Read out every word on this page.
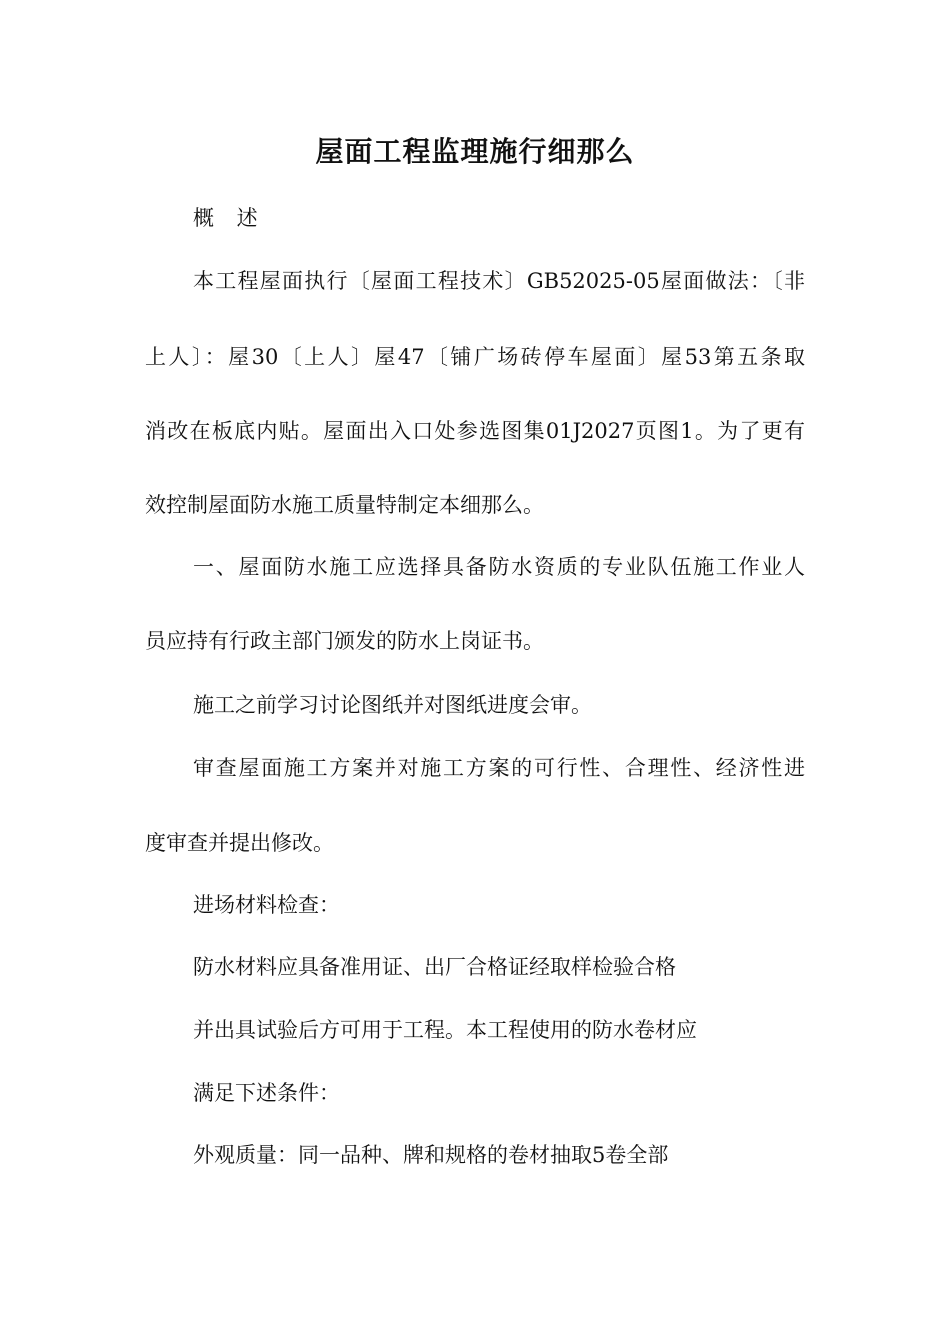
屋面工程监理施行细那么

概 述

本工程屋面执行〔屋面工程技术〕GB52025-05屋面做法：〔非

上人〕：屋30〔上人〕屋47〔铺广场砖停车屋面〕屋53第五条取

消改在板底内贴。屋面出入口处参选图集01J2027页图1。为了更有

效控制屋面防水施工质量特制定本细那么。

一、屋面防水施工应选择具备防水资质的专业队伍施工作业人

员应持有行政主部门颁发的防水上岗证书。

施工之前学习讨论图纸并对图纸进度会审。

审查屋面施工方案并对施工方案的可行性、合理性、经济性进

度审查并提出修改。

进场材料检查：

防水材料应具备准用证、出厂合格证经取样检验合格

并出具试验后方可用于工程。本工程使用的防水卷材应

满足下述条件：

外观质量：同一品种、牌和规格的卷材抽取5卷全部
